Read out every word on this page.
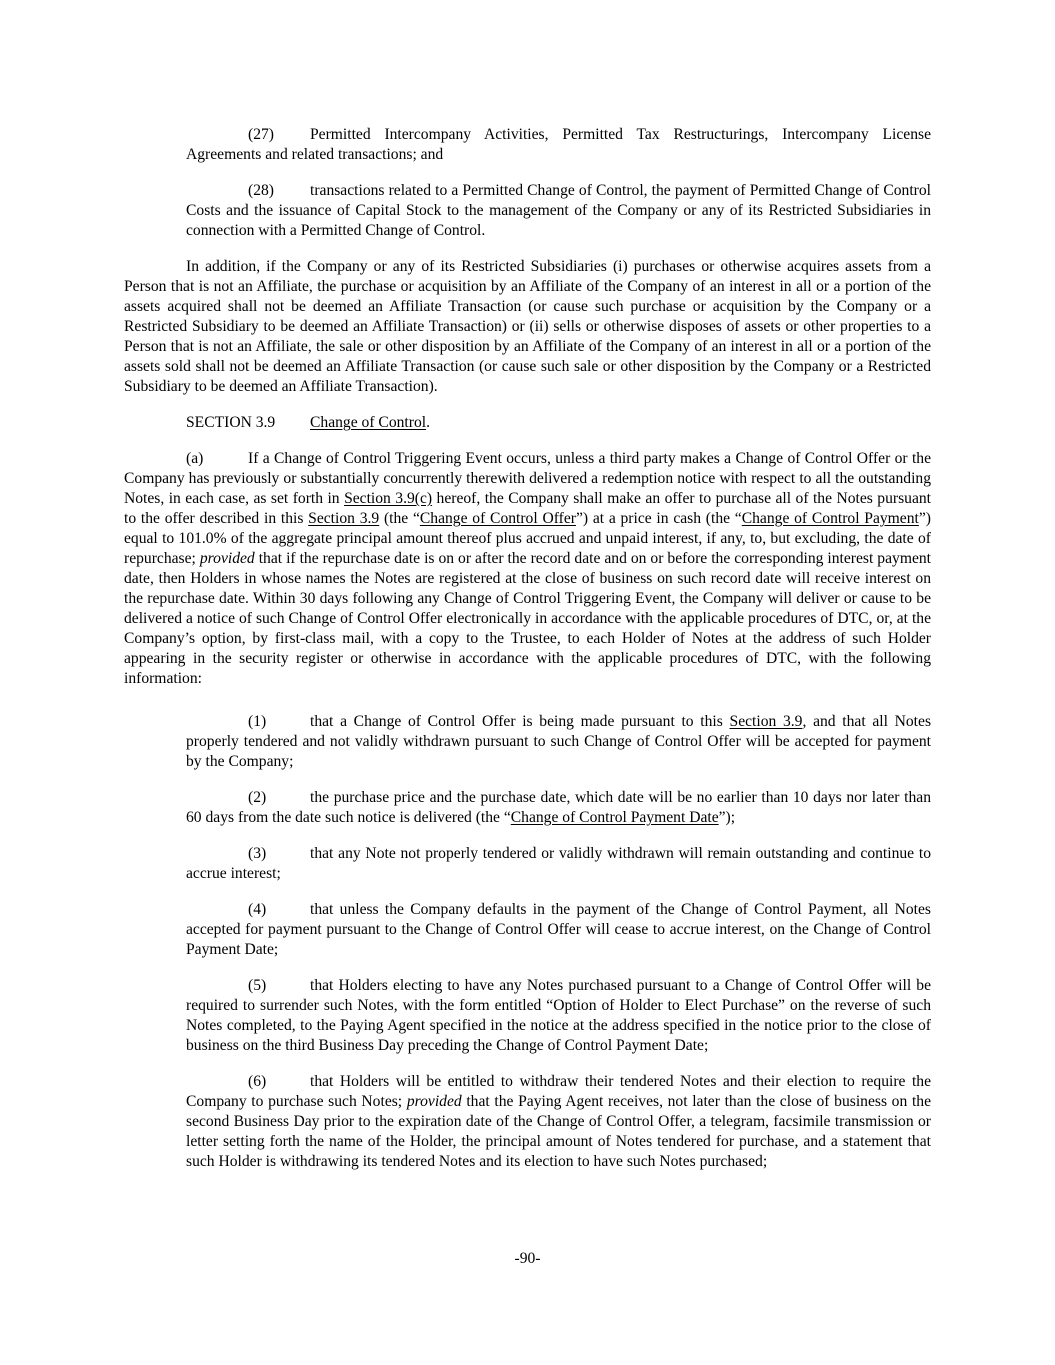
(27) Permitted Intercompany Activities, Permitted Tax Restructurings, Intercompany License Agreements and related transactions; and

(28) transactions related to a Permitted Change of Control, the payment of Permitted Change of Control Costs and the issuance of Capital Stock to the management of the Company or any of its Restricted Subsidiaries in connection with a Permitted Change of Control.

In addition, if the Company or any of its Restricted Subsidiaries (i) purchases or otherwise acquires assets from a Person that is not an Affiliate, the purchase or acquisition by an Affiliate of the Company of an interest in all or a portion of the assets acquired shall not be deemed an Affiliate Transaction (or cause such purchase or acquisition by the Company or a Restricted Subsidiary to be deemed an Affiliate Transaction) or (ii) sells or otherwise disposes of assets or other properties to a Person that is not an Affiliate, the sale or other disposition by an Affiliate of the Company of an interest in all or a portion of the assets sold shall not be deemed an Affiliate Transaction (or cause such sale or other disposition by the Company or a Restricted Subsidiary to be deemed an Affiliate Transaction).

SECTION 3.9 Change of Control.

(a)	If a Change of Control Triggering Event occurs, unless a third party makes a Change of Control Offer or the Company has previously or substantially concurrently therewith delivered a redemption notice with respect to all the outstanding Notes, in each case, as set forth in Section 3.9(c) hereof, the Company shall make an offer to purchase all of the Notes pursuant to the offer described in this Section 3.9 (the “Change of Control Offer”) at a price in cash (the “Change of Control Payment”) equal to 101.0% of the aggregate principal amount thereof plus accrued and unpaid interest, if any, to, but excluding, the date of repurchase; provided that if the repurchase date is on or after the record date and on or before the corresponding interest payment date, then Holders in whose names the Notes are registered at the close of business on such record date will receive interest on the repurchase date. Within 30 days following any Change of Control Triggering Event, the Company will deliver or cause to be delivered a notice of such Change of Control Offer electronically in accordance with the applicable procedures of DTC, or, at the Company’s option, by first-class mail, with a copy to the Trustee, to each Holder of Notes at the address of such Holder appearing in the security register or otherwise in accordance with the applicable procedures of DTC, with the following information:

(1)	that a Change of Control Offer is being made pursuant to this Section 3.9, and that all Notes properly tendered and not validly withdrawn pursuant to such Change of Control Offer will be accepted for payment by the Company;

(2)	the purchase price and the purchase date, which date will be no earlier than 10 days nor later than 60 days from the date such notice is delivered (the “Change of Control Payment Date”);

(3)	that any Note not properly tendered or validly withdrawn will remain outstanding and continue to accrue interest;

(4)	that unless the Company defaults in the payment of the Change of Control Payment, all Notes accepted for payment pursuant to the Change of Control Offer will cease to accrue interest, on the Change of Control Payment Date;

(5)	that Holders electing to have any Notes purchased pursuant to a Change of Control Offer will be required to surrender such Notes, with the form entitled “Option of Holder to Elect Purchase” on the reverse of such Notes completed, to the Paying Agent specified in the notice at the address specified in the notice prior to the close of business on the third Business Day preceding the Change of Control Payment Date;

(6)	that Holders will be entitled to withdraw their tendered Notes and their election to require the Company to purchase such Notes; provided that the Paying Agent receives, not later than the close of business on the second Business Day prior to the expiration date of the Change of Control Offer, a telegram, facsimile transmission or letter setting forth the name of the Holder, the principal amount of Notes tendered for purchase, and a statement that such Holder is withdrawing its tendered Notes and its election to have such Notes purchased;

-90-
